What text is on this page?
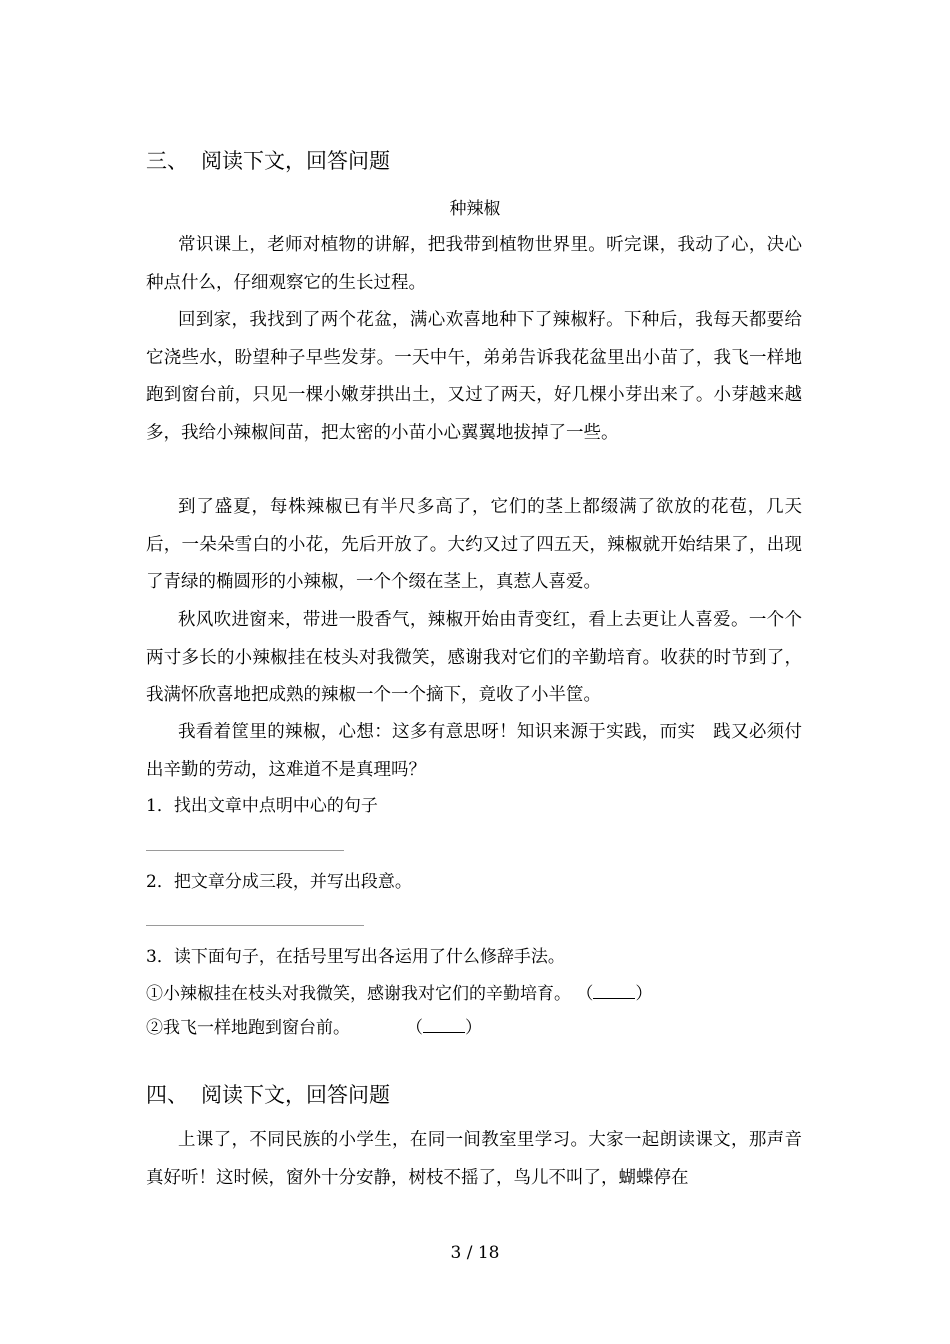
三、 阅读下文，回答问题
种辣椒
常识课上，老师对植物的讲解，把我带到植物世界里。听完课，我动了心，决心种点什么，仔细观察它的生长过程。
回到家，我找到了两个花盆，满心欢喜地种下了辣椒籽。下种后，我每天都要给它浇些水，盼望种子早些发芽。一天中午，弟弟告诉我花盆里出小苗了，我飞一样地跑到窗台前，只见一棵小嫩芽拱出土，又过了两天，好几棵小芽出来了。小芽越来越多，我给小辣椒间苗，把太密的小苗小心翼翼地拔掉了一些。
到了盛夏，每株辣椒已有半尺多高了，它们的茎上都缀满了欲放的花苞，几天后，一朵朵雪白的小花，先后开放了。大约又过了四五天，辣椒就开始结果了，出现了青绿的椭圆形的小辣椒，一个个缀在茎上，真惹人喜爱。
秋风吹进窗来，带进一股香气，辣椒开始由青变红，看上去更让人喜爱。一个个两寸多长的小辣椒挂在枝头对我微笑，感谢我对它们的辛勤培育。收获的时节到了，我满怀欣喜地把成熟的辣椒一个一个摘下，竟收了小半筐。
我看着筐里的辣椒，心想：这多有意思呀！知识来源于实践，而实　践又必须付出辛勤的劳动，这难道不是真理吗？
1．找出文章中点明中心的句子
2．把文章分成三段，并写出段意。
3．读下面句子，在括号里写出各运用了什么修辞手法。
①小辣椒挂在枝头对我微笑，感谢我对它们的辛勤培育。 （ ）
②我飞一样地跑到窗台前。	（ ）
四、 阅读下文，回答问题
上课了，不同民族的小学生，在同一间教室里学习。大家一起朗读课文，那声音真好听！这时候，窗外十分安静，树枝不摇了，鸟儿不叫了，蝴蝶停在
3 / 18
